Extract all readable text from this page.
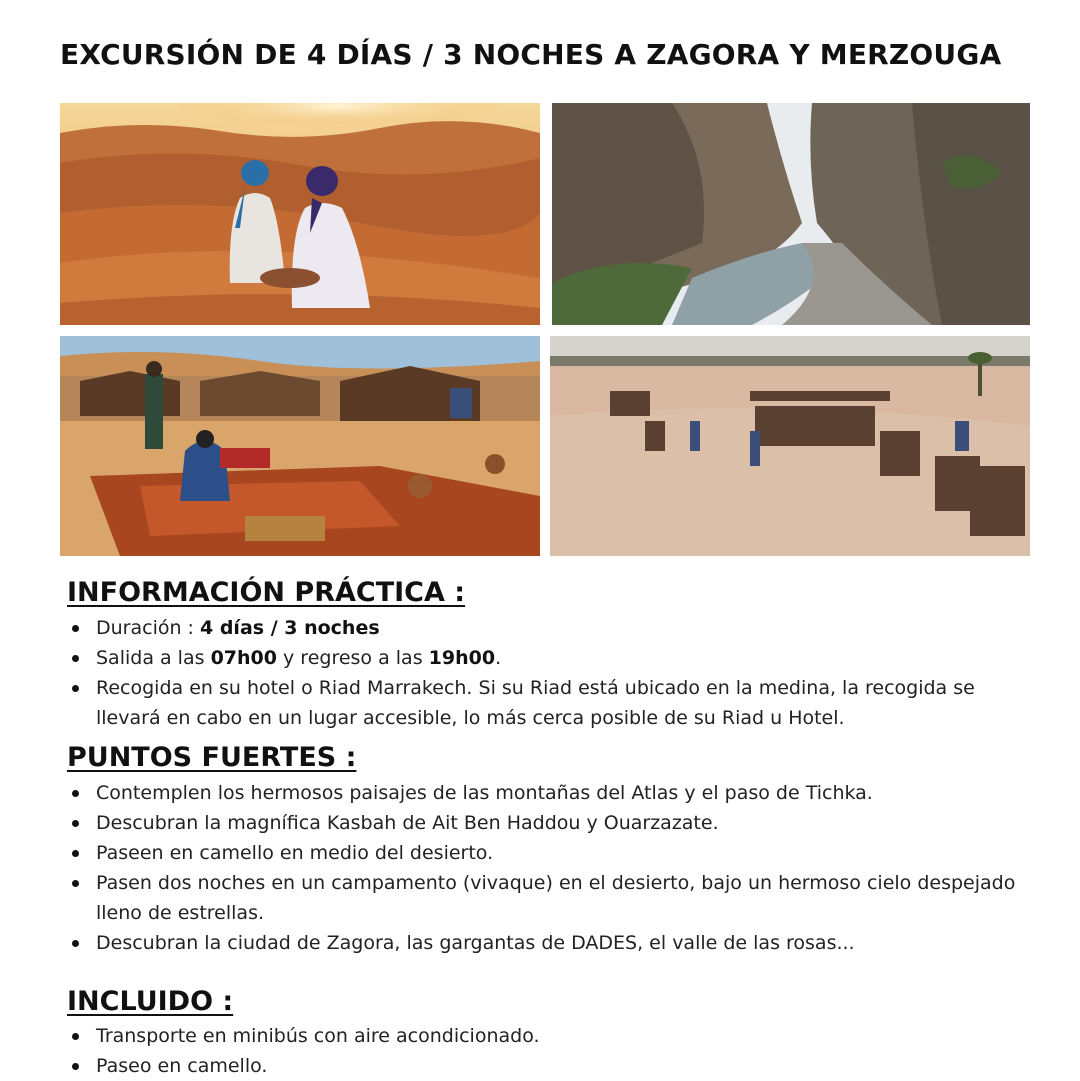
EXCURSIÓN DE 4 DÍAS / 3 NOCHES A ZAGORA Y MERZOUGA
INFORMACIÓN PRÁCTICA :
Duración : 4 días / 3 noches
Salida a las 07h00 y regreso a las 19h00.
Recogida en su hotel o Riad Marrakech. Si su Riad está ubicado en la medina, la recogida se llevará en cabo en un lugar accesible, lo más cerca posible de su Riad u Hotel.
PUNTOS FUERTES :
Contemplen los hermosos paisajes de las montañas del Atlas y el paso de Tichka.
Descubran la magnífica Kasbah de Ait Ben Haddou y Ouarzazate.
Paseen en camello en medio del desierto.
Pasen dos noches en un campamento (vivaque) en el desierto, bajo un hermoso cielo despejado lleno de estrellas.
Descubran la ciudad de Zagora, las gargantas de DADES, el valle de las rosas...
INCLUIDO :
Transporte en minibús con aire acondicionado.
Paseo en camello.
